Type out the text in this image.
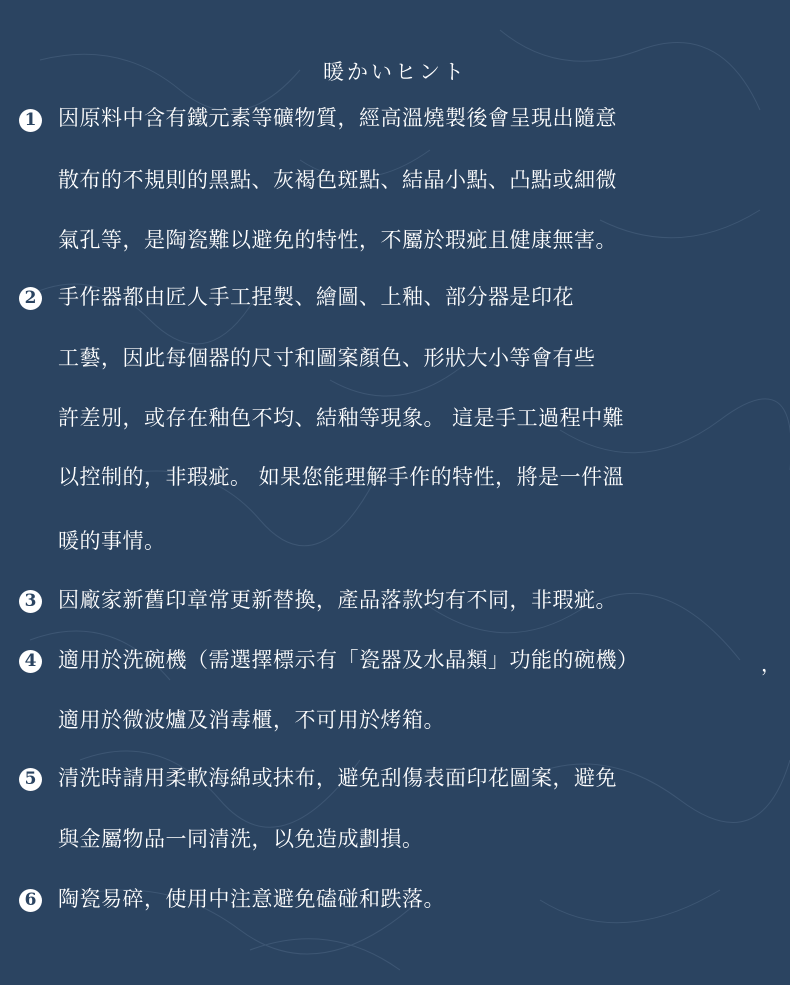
暖かいヒント
1 因原料中含有鐵元素等礦物質，經高溫燒製後會呈現出隨意
散布的不規則的黑點、灰褐色斑點、結晶小點、凸點或細微
氣孔等，是陶瓷難以避免的特性，不屬於瑕疵且健康無害。
2 手作器都由匠人手工捏製、繪圖、上釉、部分器是印花
工藝，因此每個器的尺寸和圖案顏色、形狀大小等會有些
許差別，或存在釉色不均、結釉等現象。 這是手工過程中難
以控制的，非瑕疵。 如果您能理解手作的特性，將是一件溫
暖的事情。
3 因廠家新舊印章常更新替換，產品落款均有不同，非瑕疵。
4 適用於洗碗機（需選擇標示有「瓷器及水晶類」功能的碗機）	，
適用於微波爐及消毒櫃，不可用於烤箱。
5 清洗時請用柔軟海綿或抹布，避免刮傷表面印花圖案，避免
與金屬物品一同清洗，以免造成劃損。
6 陶瓷易碎，使用中注意避免磕碰和跌落。
